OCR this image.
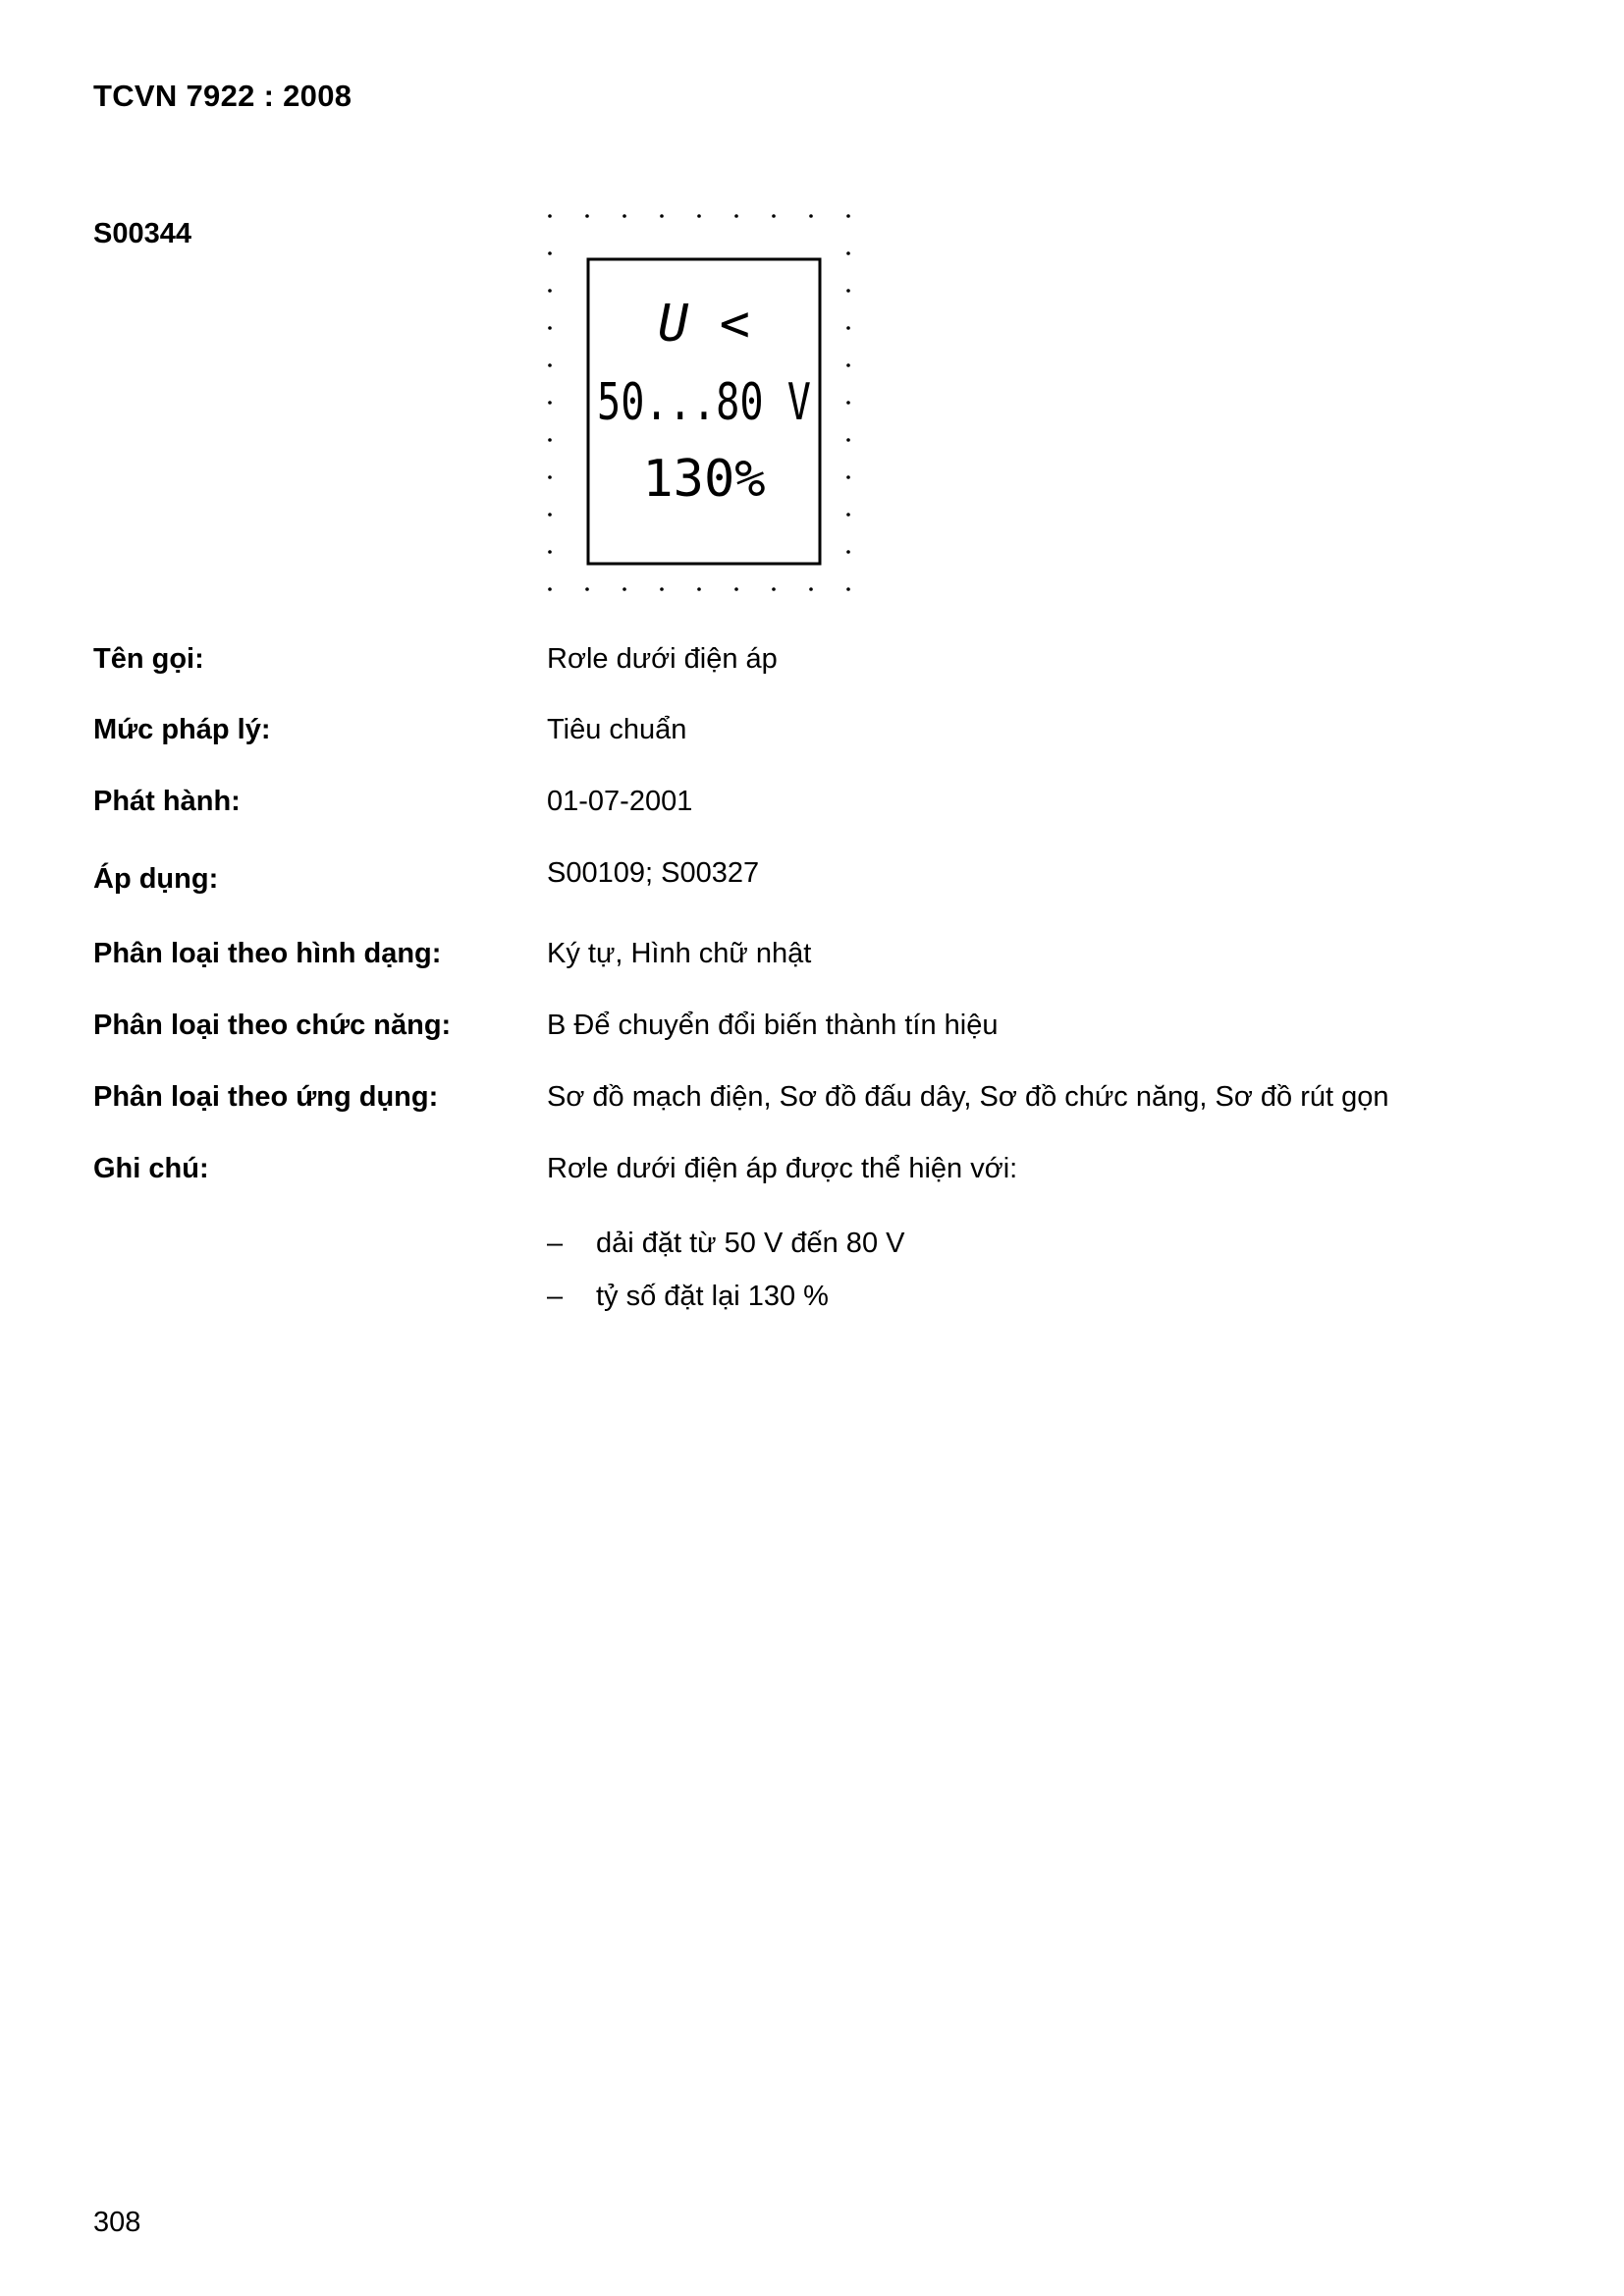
TCVN 7922 : 2008
S00344
U <
50...80 V
130%
Tên gọi:	Rơle dưới điện áp
Mức pháp lý:	Tiêu chuẩn
Phát hành:	01-07-2001
Áp dụng:	S00109; S00327
Phân loại theo hình dạng:	Ký tự, Hình chữ nhật
Phân loại theo chức năng:	B Để chuyển đổi biến thành tín hiệu
Phân loại theo ứng dụng:	Sơ đồ mạch điện, Sơ đồ đấu dây, Sơ đồ chức năng, Sơ đồ rút gọn
Ghi chú:	Rơle dưới điện áp được thể hiện với:
– dải đặt từ 50 V đến 80 V
– tỷ số đặt lại 130 %
308
